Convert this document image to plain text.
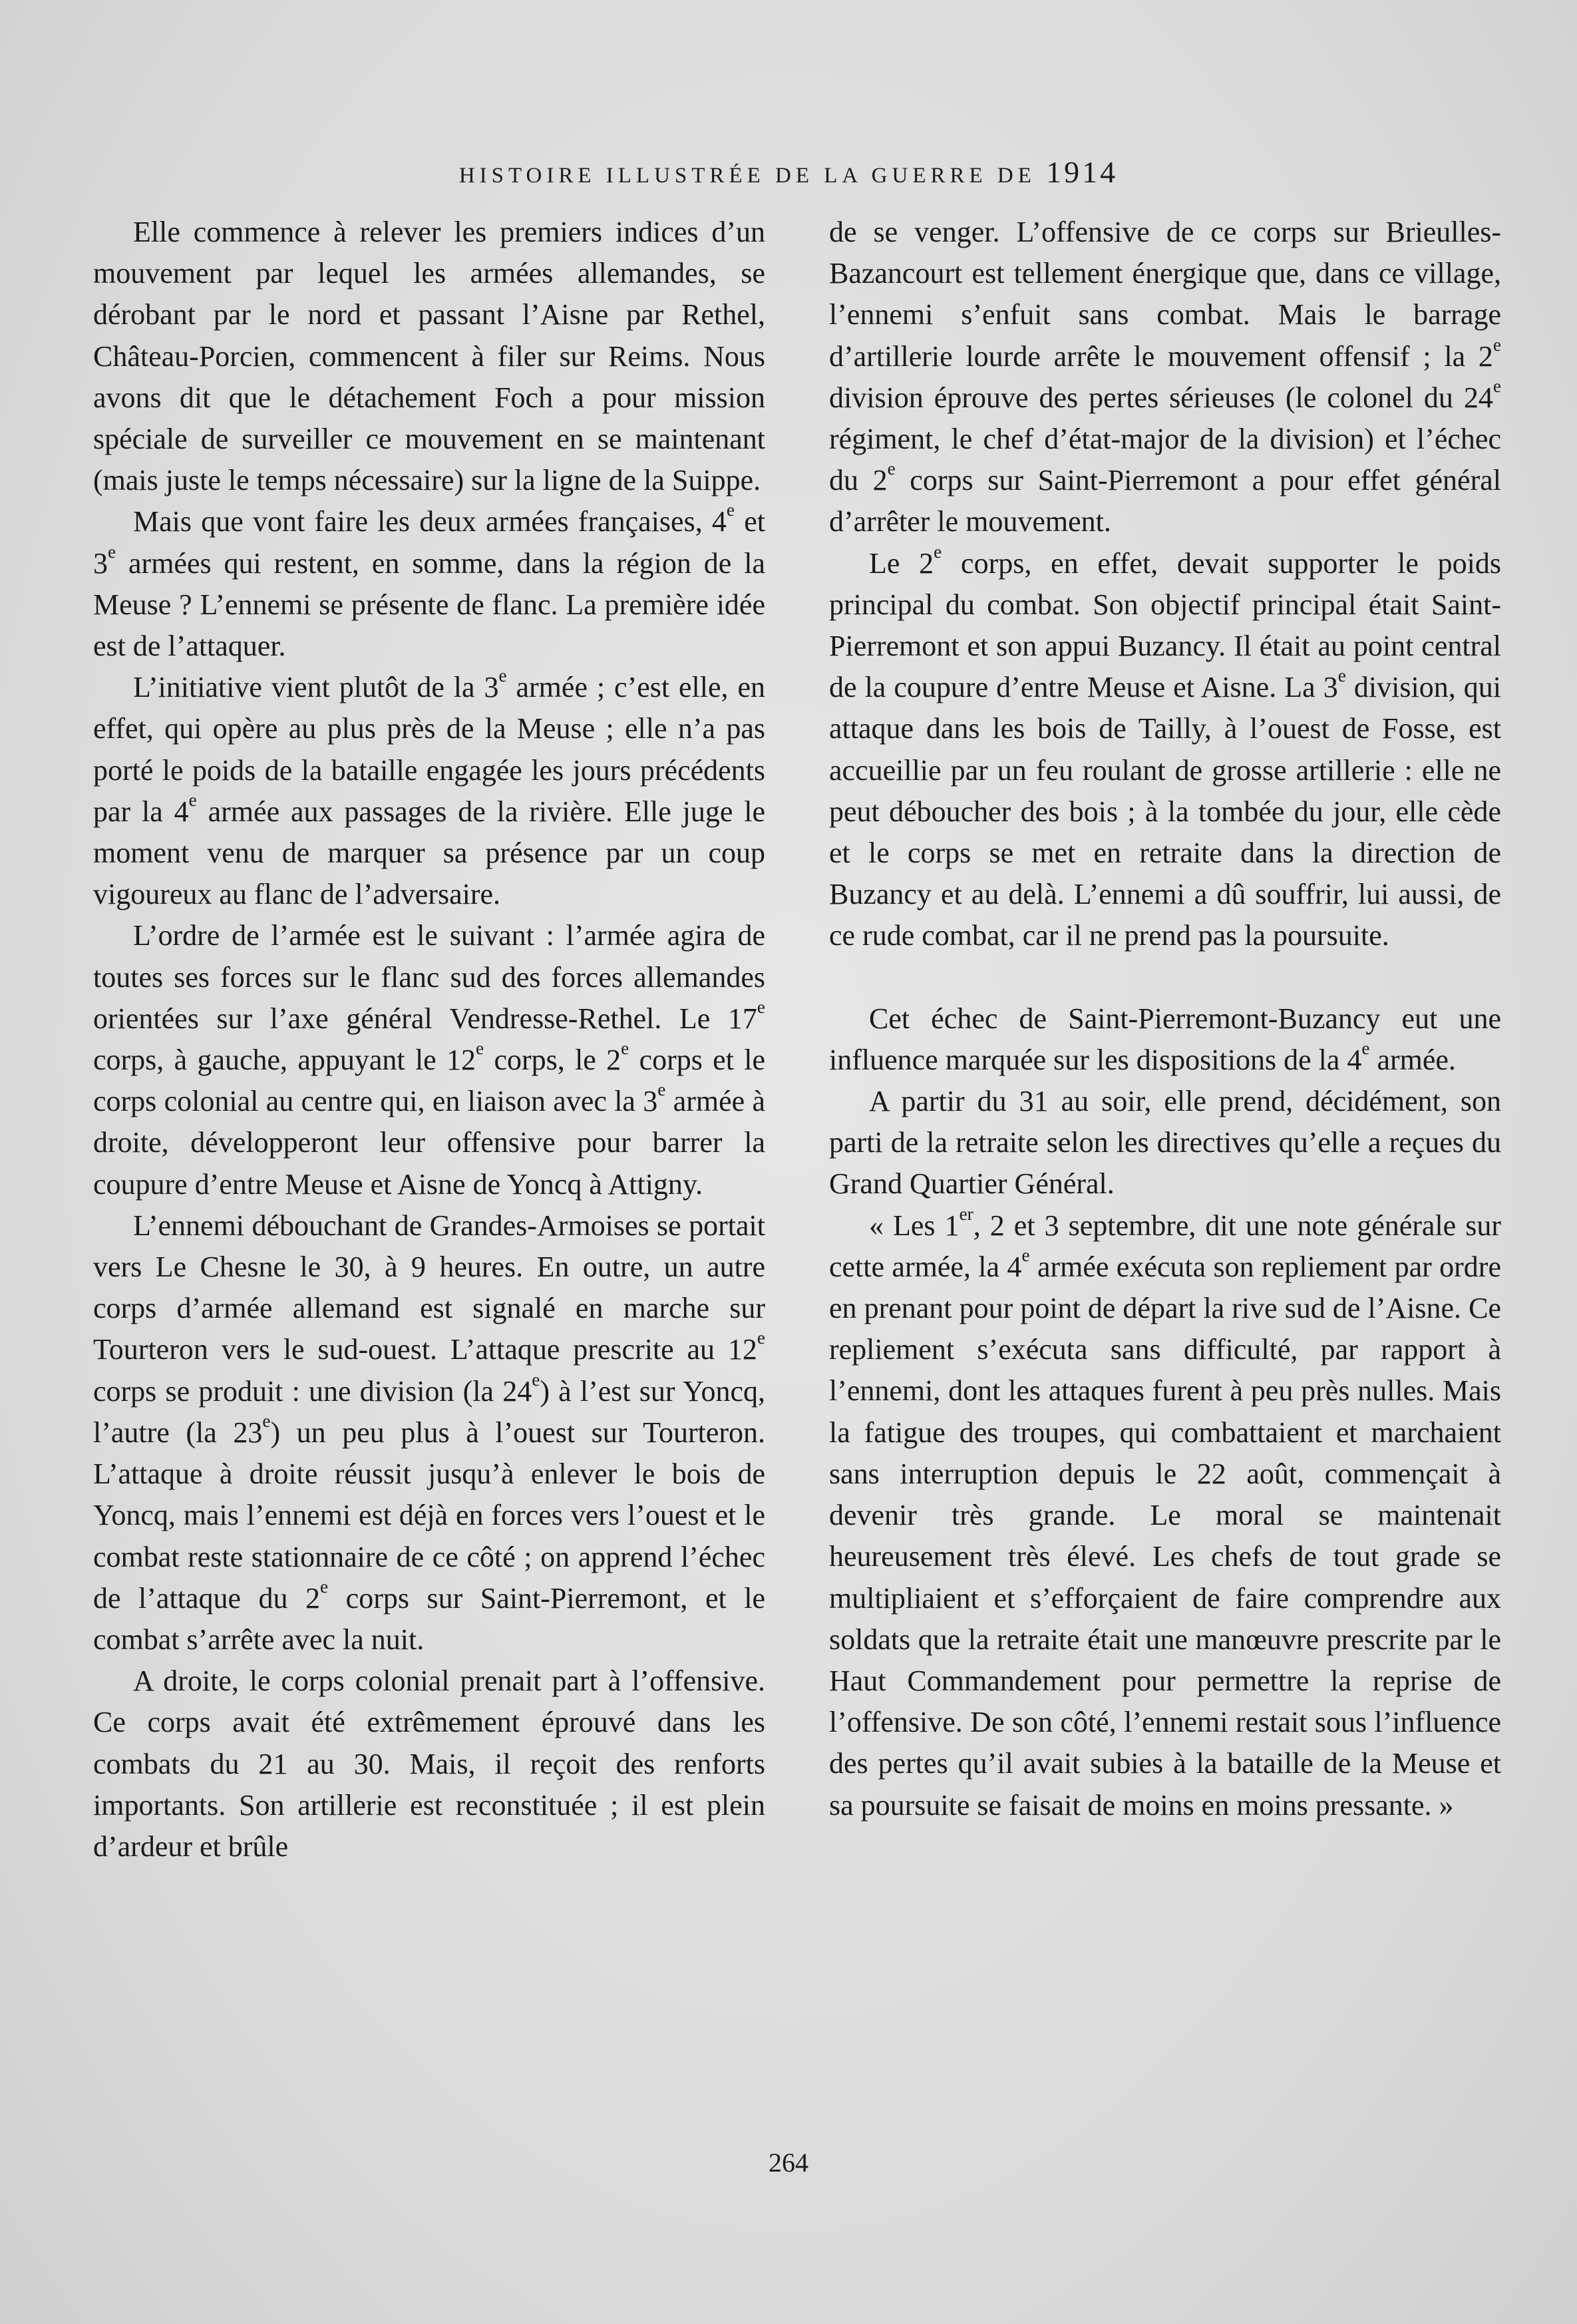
HISTOIRE ILLUSTRÉE DE LA GUERRE DE 1914

Elle commence à relever les premiers indices d’un mouvement par lequel les armées allemandes, se dérobant par le nord et passant l’Aisne par Rethel, Château-Porcien, commencent à filer sur Reims. Nous avons dit que le détachement Foch a pour mission spéciale de surveiller ce mouvement en se maintenant (mais juste le temps nécessaire) sur la ligne de la Suippe.

Mais que vont faire les deux armées françaises, 4e et 3e armées qui restent, en somme, dans la région de la Meuse ? L’ennemi se présente de flanc. La première idée est de l’attaquer.

L’initiative vient plutôt de la 3e armée ; c’est elle, en effet, qui opère au plus près de la Meuse ; elle n’a pas porté le poids de la bataille engagée les jours précédents par la 4e armée aux passages de la rivière. Elle juge le moment venu de marquer sa présence par un coup vigoureux au flanc de l’adversaire.

L’ordre de l’armée est le suivant : l’armée agira de toutes ses forces sur le flanc sud des forces allemandes orientées sur l’axe général Vendresse-Rethel. Le 17e corps, à gauche, appuyant le 12e corps, le 2e corps et le corps colonial au centre qui, en liaison avec la 3e armée à droite, développeront leur offensive pour barrer la coupure d’entre Meuse et Aisne de Yoncq à Attigny.

L’ennemi débouchant de Grandes-Armoises se portait vers Le Chesne le 30, à 9 heures. En outre, un autre corps d’armée allemand est signalé en marche sur Tourteron vers le sud-ouest. L’attaque prescrite au 12e corps se produit : une division (la 24e) à l’est sur Yoncq, l’autre (la 23e) un peu plus à l’ouest sur Tourteron. L’attaque à droite réussit jusqu’à enlever le bois de Yoncq, mais l’ennemi est déjà en forces vers l’ouest et le combat reste stationnaire de ce côté ; on apprend l’échec de l’attaque du 2e corps sur Saint-Pierremont, et le combat s’arrête avec la nuit.

A droite, le corps colonial prenait part à l’offensive. Ce corps avait été extrêmement éprouvé dans les combats du 21 au 30. Mais, il reçoit des renforts importants. Son artillerie est reconstituée ; il est plein d’ardeur et brûle

de se venger. L’offensive de ce corps sur Brieulles-Bazancourt est tellement énergique que, dans ce village, l’ennemi s’enfuit sans combat. Mais le barrage d’artillerie lourde arrête le mouvement offensif ; la 2e division éprouve des pertes sérieuses (le colonel du 24e régiment, le chef d’état-major de la division) et l’échec du 2e corps sur Saint-Pierremont a pour effet général d’arrêter le mouvement.

Le 2e corps, en effet, devait supporter le poids principal du combat. Son objectif principal était Saint-Pierremont et son appui Buzancy. Il était au point central de la coupure d’entre Meuse et Aisne. La 3e division, qui attaque dans les bois de Tailly, à l’ouest de Fosse, est accueillie par un feu roulant de grosse artillerie : elle ne peut déboucher des bois ; à la tombée du jour, elle cède et le corps se met en retraite dans la direction de Buzancy et au delà. L’ennemi a dû souffrir, lui aussi, de ce rude combat, car il ne prend pas la poursuite.

Cet échec de Saint-Pierremont-Buzancy eut une influence marquée sur les dispositions de la 4e armée.

A partir du 31 au soir, elle prend, décidément, son parti de la retraite selon les directives qu’elle a reçues du Grand Quartier Général.

« Les 1er, 2 et 3 septembre, dit une note générale sur cette armée, la 4e armée exécuta son repliement par ordre en prenant pour point de départ la rive sud de l’Aisne. Ce repliement s’exécuta sans difficulté, par rapport à l’ennemi, dont les attaques furent à peu près nulles. Mais la fatigue des troupes, qui combattaient et marchaient sans interruption depuis le 22 août, commençait à devenir très grande. Le moral se maintenait heureusement très élevé. Les chefs de tout grade se multipliaient et s’efforçaient de faire comprendre aux soldats que la retraite était une manœuvre prescrite par le Haut Commandement pour permettre la reprise de l’offensive. De son côté, l’ennemi restait sous l’influence des pertes qu’il avait subies à la bataille de la Meuse et sa poursuite se faisait de moins en moins pressante. »

264
